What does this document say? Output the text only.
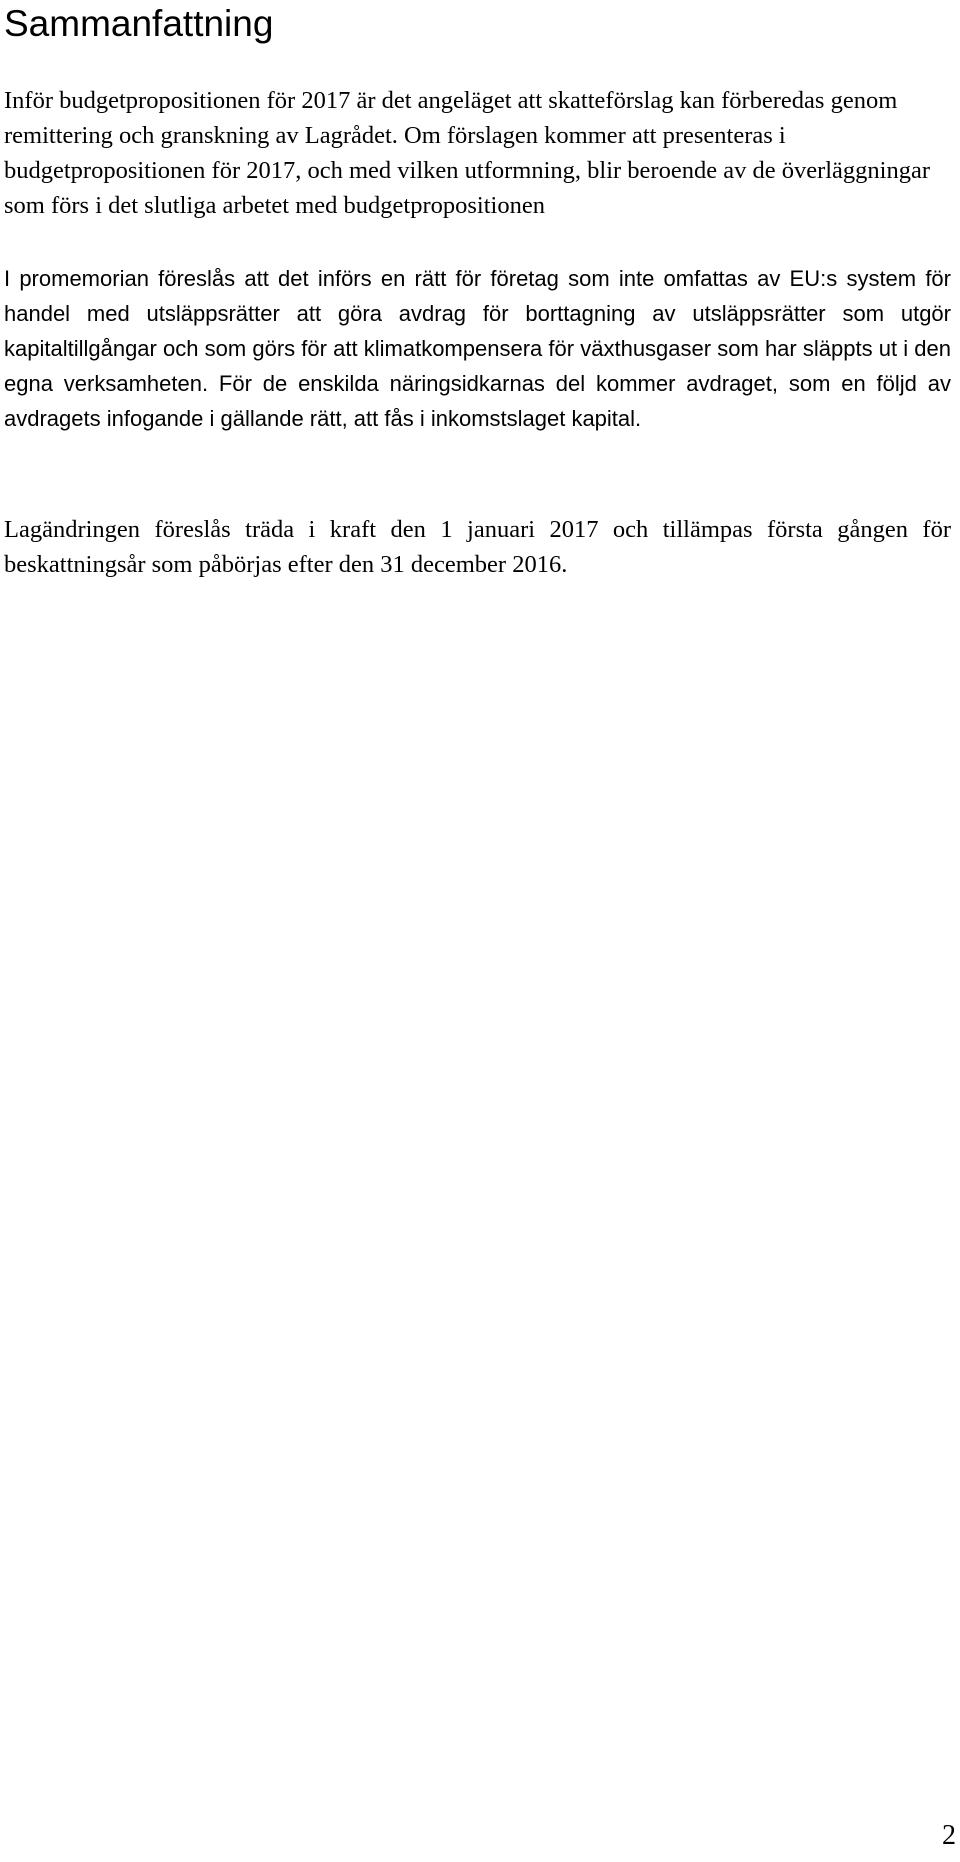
Sammanfattning

Inför budgetpropositionen för 2017 är det angeläget att skatteförslag kan förberedas genom remittering och granskning av Lagrådet. Om förslagen kommer att presenteras i budgetpropositionen för 2017, och med vilken utformning, blir beroende av de överläggningar som förs i det slutliga arbetet med budgetpropositionen

I promemorian föreslås att det införs en rätt för företag som inte omfattas av EU:s system för handel med utsläppsrätter att göra avdrag för borttagning av utsläppsrätter som utgör kapitaltillgångar och som görs för att klimatkompensera för växthusgaser som har släppts ut i den egna verksamheten. För de enskilda näringsidkarnas del kommer avdraget, som en följd av avdragets infogande i gällande rätt, att fås i inkomstslaget kapital.

Lagändringen föreslås träda i kraft den 1 januari 2017 och tillämpas första gången för beskattningsår som påbörjas efter den 31 december 2016.

2
